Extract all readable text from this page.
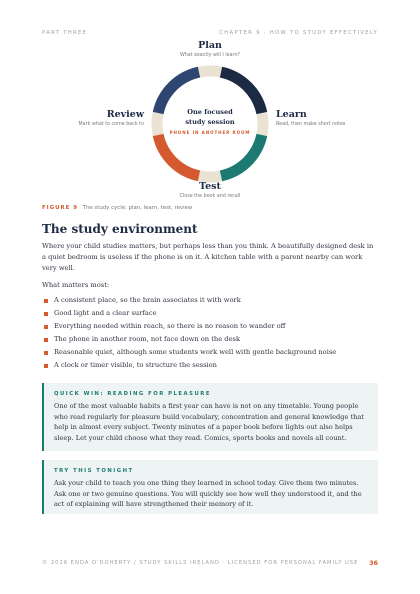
PART THREE	CHAPTER 9 · HOW TO STUDY EFFECTIVELY
Plan
What exactly will I learn?
Learn
Read, then make short notes
Test
Close the book and recall
Review
Mark what to come back to
One focused
study session
PHONE IN ANOTHER ROOM
FIGURE 9 The study cycle: plan, learn, test, review
The study environment

Where your child studies matters, but perhaps less than you think. A beautifully designed desk in a quiet bedroom is useless if the phone is on it. A kitchen table with a parent nearby can work very well.

What matters most:

A consistent place, so the brain associates it with work
Good light and a clear surface
Everything needed within reach, so there is no reason to wander off
The phone in another room, not face down on the desk
Reasonable quiet, although some students work well with gentle background noise
A clock or timer visible, to structure the session
QUICK WIN: READING FOR PLEASURE
One of the most valuable habits a first year can have is not on any timetable. Young people who read regularly for pleasure build vocabulary, concentration and general knowledge that help in almost every subject. Twenty minutes of a paper book before lights out also helps sleep. Let your child choose what they read. Comics, sports books and novels all count.
TRY THIS TONIGHT
Ask your child to teach you one thing they learned in school today. Give them two minutes. Ask one or two genuine questions. You will quickly see how well they understood it, and the act of explaining will have strengthened their memory of it.
© 2026 ENDA O'DOHERTY / STUDY SKILLS IRELAND · LICENSED FOR PERSONAL FAMILY USE 36
